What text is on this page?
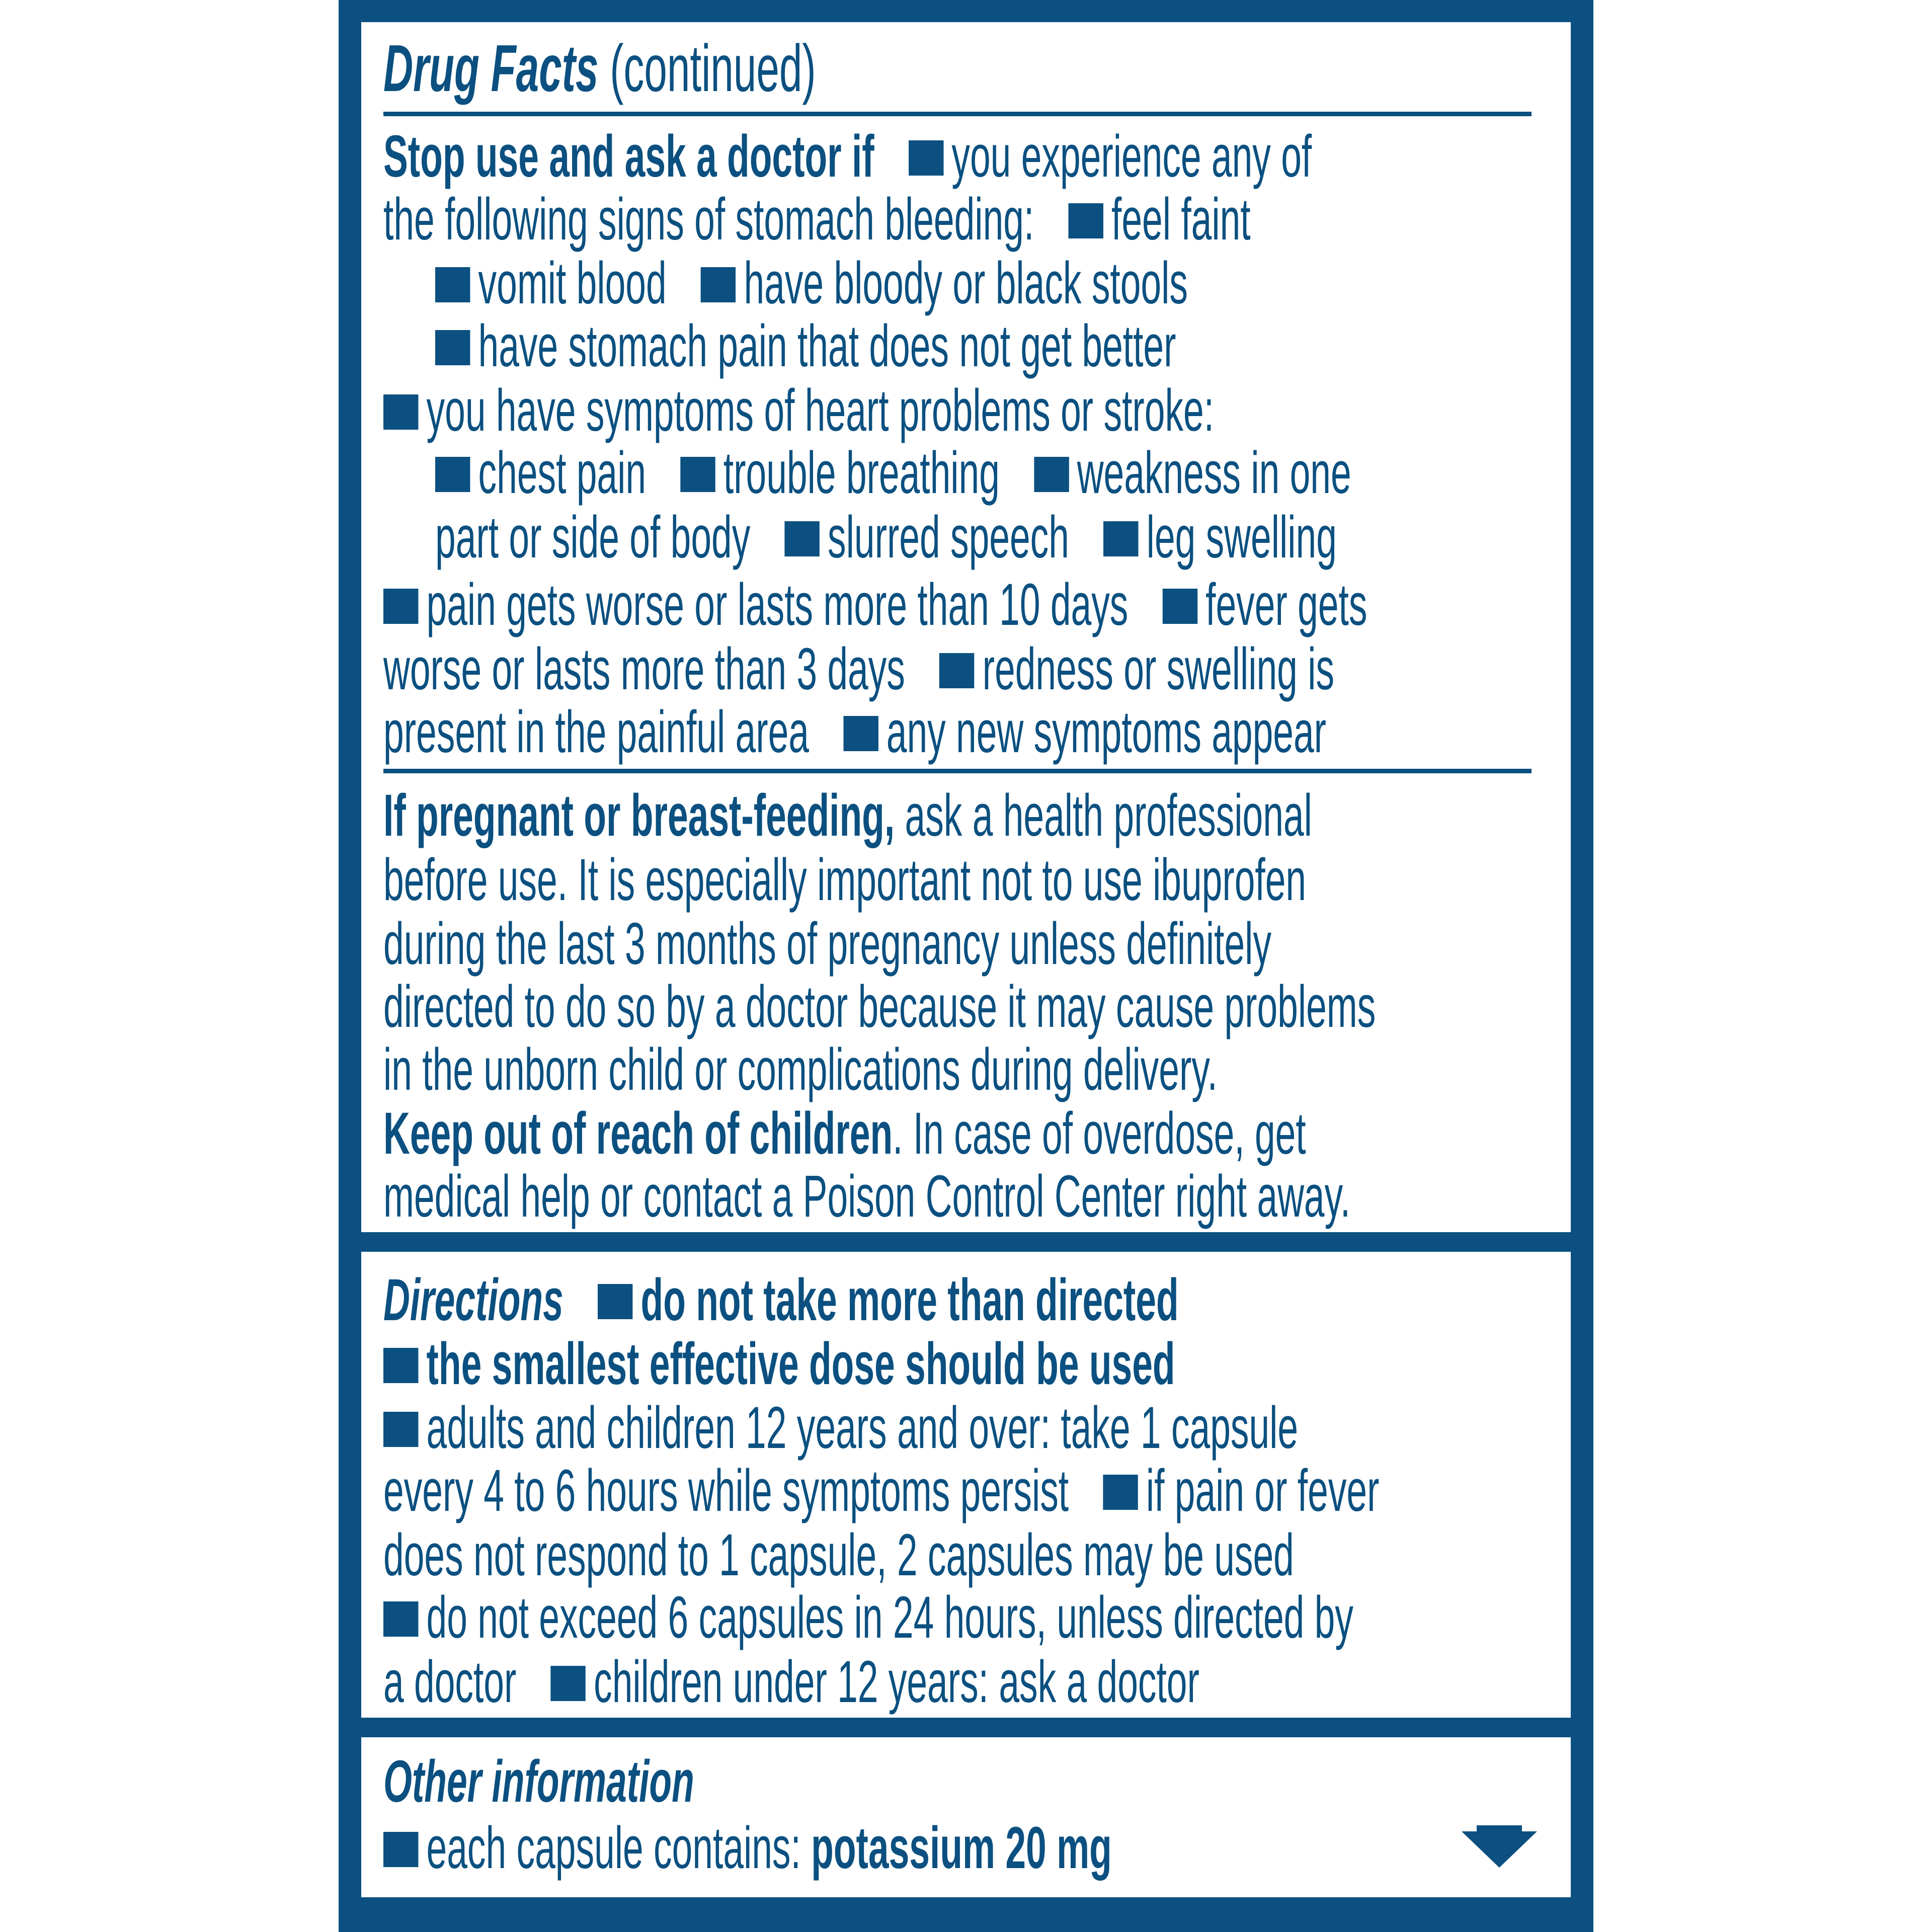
Drug Facts (continued)
Stop use and ask a doctor if you experience any of
the following signs of stomach bleeding: feel faint
vomit blood have bloody or black stools
have stomach pain that does not get better
you have symptoms of heart problems or stroke:
chest pain trouble breathing weakness in one
part or side of body slurred speech leg swelling
pain gets worse or lasts more than 10 days fever gets
worse or lasts more than 3 days redness or swelling is
present in the painful area any new symptoms appear
If pregnant or breast-feeding, ask a health professional
before use. It is especially important not to use ibuprofen
during the last 3 months of pregnancy unless definitely
directed to do so by a doctor because it may cause problems
in the unborn child or complications during delivery.
Keep out of reach of children. In case of overdose, get
medical help or contact a Poison Control Center right away.
Directions do not take more than directed
the smallest effective dose should be used
adults and children 12 years and over: take 1 capsule
every 4 to 6 hours while symptoms persist if pain or fever
does not respond to 1 capsule, 2 capsules may be used
do not exceed 6 capsules in 24 hours, unless directed by
a doctor children under 12 years: ask a doctor
Other information
each capsule contains: potassium 20 mg
